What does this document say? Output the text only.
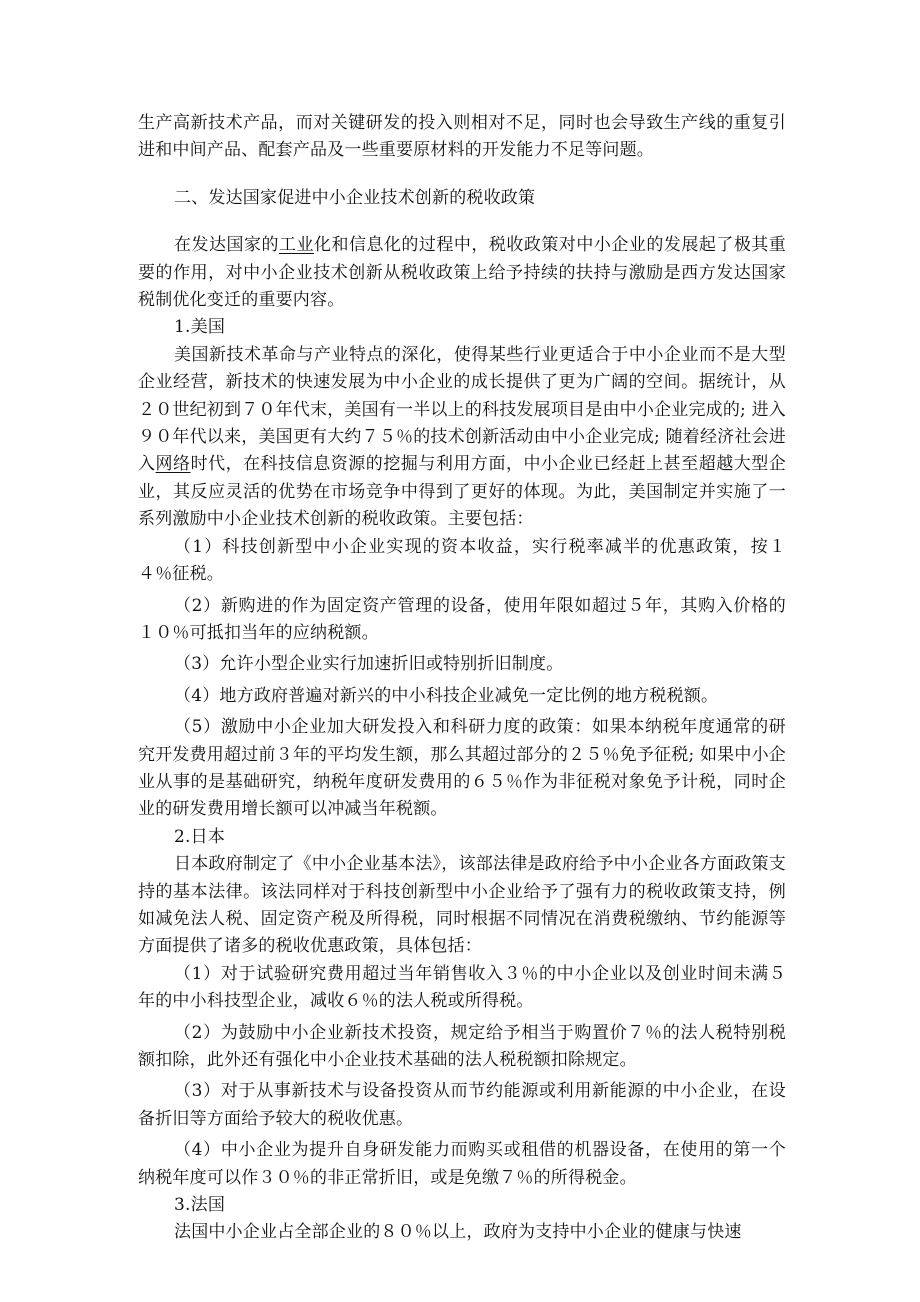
生产高新技术产品，而对关键研发的投入则相对不足，同时也会导致生产线的重复引进和中间产品、配套产品及一些重要原材料的开发能力不足等问题。

二、发达国家促进中小企业技术创新的税收政策

在发达国家的工业化和信息化的过程中，税收政策对中小企业的发展起了极其重要的作用，对中小企业技术创新从税收政策上给予持续的扶持与激励是西方发达国家税制优化变迁的重要内容。

1.美国

美国新技术革命与产业特点的深化，使得某些行业更适合于中小企业而不是大型企业经营，新技术的快速发展为中小企业的成长提供了更为广阔的空间。据统计，从２０世纪初到７０年代末，美国有一半以上的科技发展项目是由中小企业完成的; 进入９０年代以来，美国更有大约７５％的技术创新活动由中小企业完成; 随着经济社会进入网络时代，在科技信息资源的挖掘与利用方面，中小企业已经赶上甚至超越大型企业，其反应灵活的优势在市场竞争中得到了更好的体现。为此，美国制定并实施了一系列激励中小企业技术创新的税收政策。主要包括：

（1）科技创新型中小企业实现的资本收益，实行税率减半的优惠政策，按１４％征税。

（2）新购进的作为固定资产管理的设备，使用年限如超过５年，其购入价格的１０％可抵扣当年的应纳税额。

（3）允许小型企业实行加速折旧或特别折旧制度。

（4）地方政府普遍对新兴的中小科技企业减免一定比例的地方税税额。

（5）激励中小企业加大研发投入和科研力度的政策：如果本纳税年度通常的研究开发费用超过前３年的平均发生额，那么其超过部分的２５％免予征税; 如果中小企业从事的是基础研究，纳税年度研发费用的６５％作为非征税对象免予计税，同时企业的研发费用增长额可以冲减当年税额。

2.日本

日本政府制定了《中小企业基本法》，该部法律是政府给予中小企业各方面政策支持的基本法律。该法同样对于科技创新型中小企业给予了强有力的税收政策支持，例如减免法人税、固定资产税及所得税，同时根据不同情况在消费税缴纳、节约能源等方面提供了诸多的税收优惠政策，具体包括：

（1）对于试验研究费用超过当年销售收入３％的中小企业以及创业时间未满５年的中小科技型企业，减收６％的法人税或所得税。

（2）为鼓励中小企业新技术投资，规定给予相当于购置价７％的法人税特别税额扣除，此外还有强化中小企业技术基础的法人税税额扣除规定。

（3）对于从事新技术与设备投资从而节约能源或利用新能源的中小企业，在设备折旧等方面给予较大的税收优惠。

（4）中小企业为提升自身研发能力而购买或租借的机器设备，在使用的第一个纳税年度可以作３０％的非正常折旧，或是免缴７％的所得税金。

3.法国

法国中小企业占全部企业的８０％以上，政府为支持中小企业的健康与快速
